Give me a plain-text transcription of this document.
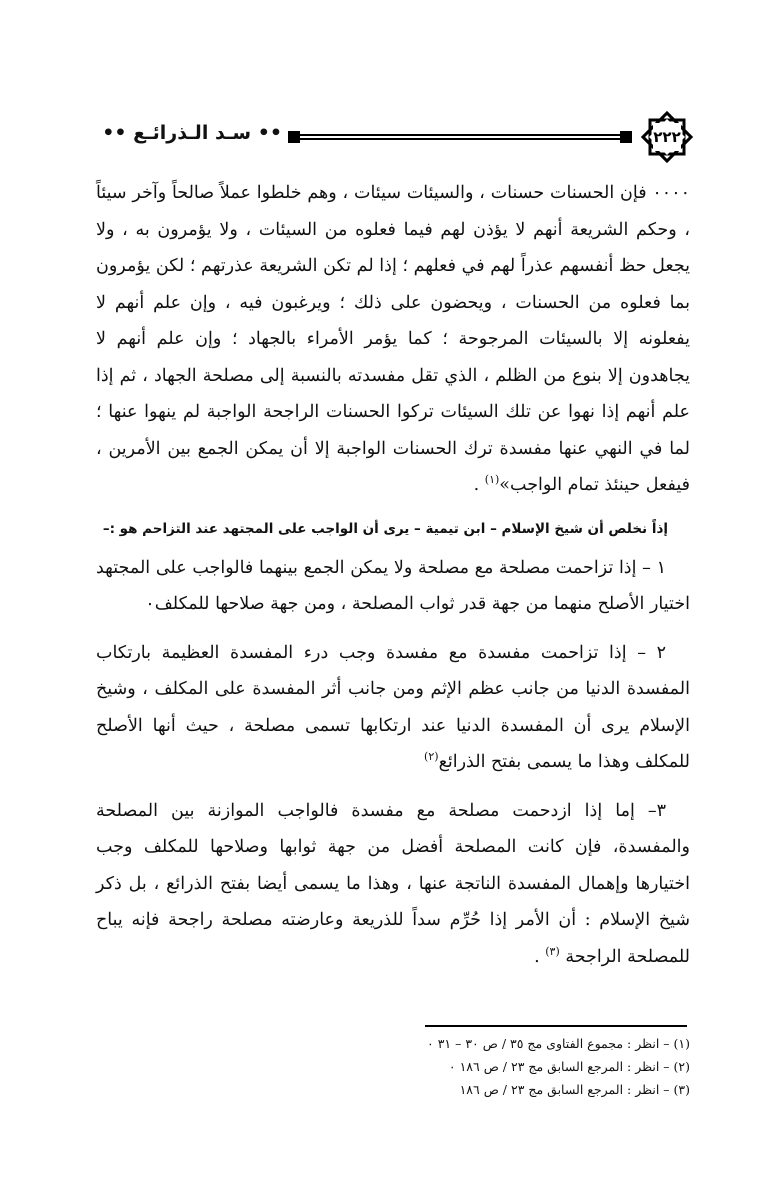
٢٢٢
•• سـد الـذرائـع ••

٠٠٠٠ فإن الحسنات حسنات ، والسيئات سيئات ، وهم خلطوا عملاً صالحاً وآخر سيئاً ، وحكم الشريعة أنهم لا يؤذن لهم فيما فعلوه من السيئات ، ولا يؤمرون به ، ولا يجعل حظ أنفسهم عذراً لهم في فعلهم ؛ إذا لم تكن الشريعة عذرتهم ؛ لكن يؤمرون بما فعلوه من الحسنات ، ويحضون على ذلك ؛ ويرغبون فيه ، وإن علم أنهم لا يفعلونه إلا بالسيئات المرجوحة ؛ كما يؤمر الأمراء بالجهاد ؛ وإن علم أنهم لا يجاهدون إلا بنوع من الظلم ، الذي تقل مفسدته بالنسبة إلى مصلحة الجهاد ، ثم إذا علم أنهم إذا نهوا عن تلك السيئات تركوا الحسنات الراجحة الواجبة لم ينهوا عنها ؛ لما في النهي عنها مفسدة ترك الحسنات الواجبة إلا أن يمكن الجمع بين الأمرين ، فيفعل حينئذ تمام الواجب»$^{(١)}$ .

إذاً نخلص أن شيخ الإسلام – ابن تيمية – يرى أن الواجب على المجتهد عند التزاحم هو :–

١ – إذا تزاحمت مصلحة مع مصلحة ولا يمكن الجمع بينهما فالواجب على المجتهد اختيار الأصلح منهما من جهة قدر ثواب المصلحة ، ومن جهة صلاحها للمكلف٠

٢ – إذا تزاحمت مفسدة مع مفسدة وجب درء المفسدة العظيمة بارتكاب المفسدة الدنيا من جانب عظم الإثم ومن جانب أثر المفسدة على المكلف ، وشيخ الإسلام يرى أن المفسدة الدنيا عند ارتكابها تسمى مصلحة ، حيث أنها الأصلح للمكلف وهذا ما يسمى بفتح الذرائع$^{(٢)}$

٣– إما إذا ازدحمت مصلحة مع مفسدة فالواجب الموازنة بين المصلحة والمفسدة، فإن كانت المصلحة أفضل من جهة ثوابها وصلاحها للمكلف وجب اختيارها وإهمال المفسدة الناتجة عنها ، وهذا ما يسمى أيضا بفتح الذرائع ، بل ذكر شيخ الإسلام : أن الأمر إذا حُرِّم سداً للذريعة وعارضته مصلحة راجحة فإنه يباح للمصلحة الراجحة $^{(٣)}$ .

(١) – انظر : مجموع الفتاوى مج ٣٥ / ص ٣٠ – ٣١ ٠
(٢) – انظر : المرجع السابق مج ٢٣ / ص ١٨٦ ٠
(٣) – انظر : المرجع السابق مج ٢٣ / ص ١٨٦
